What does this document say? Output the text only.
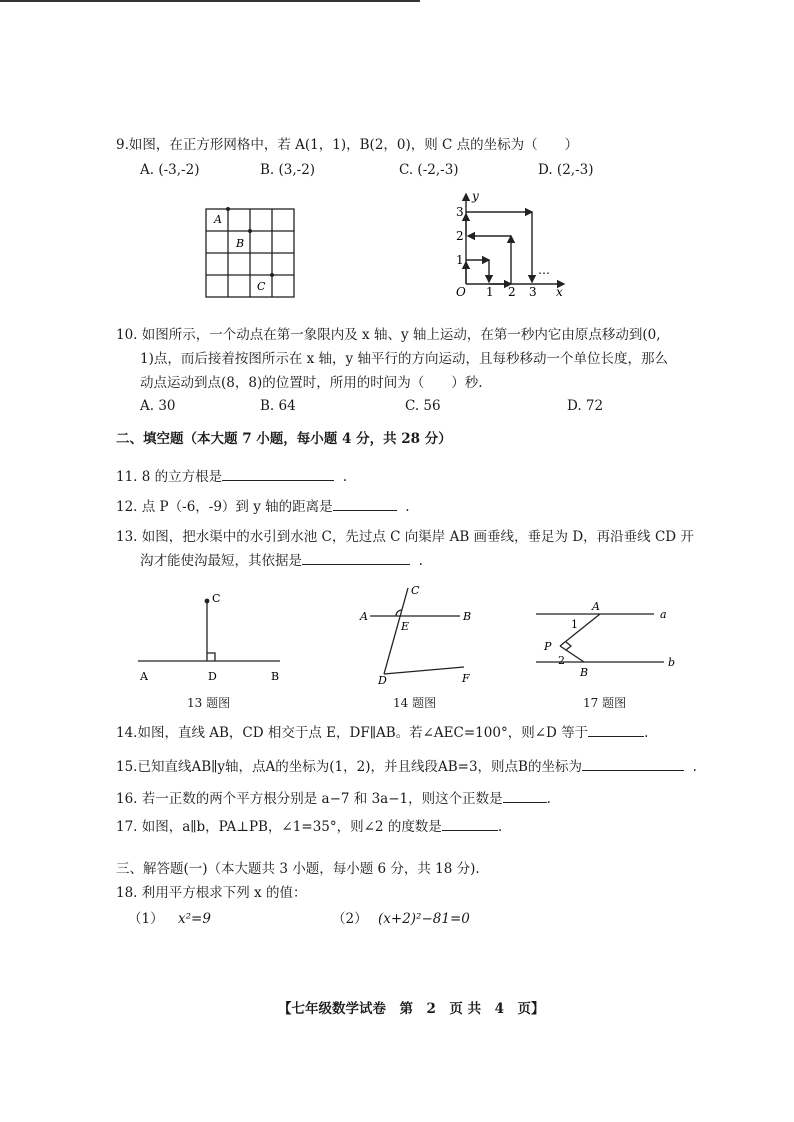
9.如图，在正方形网格中，若 A(1，1)，B(2，0)，则 C 点的坐标为（　　）
A. (-3,-2)	B. (3,-2)	C. (-2,-3)	D. (2,-3)
A
B
C
y
x
O
1
2
3
1 2 3
…
10. 如图所示，一个动点在第一象限内及 x 轴、y 轴上运动，在第一秒内它由原点移动到(0,
1)点，而后接着按图所示在 x 轴，y 轴平行的方向运动，且每秒移动一个单位长度，那么
动点运动到点(8，8)的位置时，所用的时间为（　　）秒.
A. 30	B. 64	C. 56	D. 72
二、填空题（本大题 7 小题，每小题 4 分，共 28 分）
11. 8 的立方根是	.
12. 点 P（-6，-9）到 y 轴的距离是	.
13. 如图，把水渠中的水引到水池 C，先过点 C 向渠岸 AB 画垂线，垂足为 D，再沿垂线 CD 开
沟才能使沟最短，其依据是	.
C
A	D	B
13 题图
C
A
E
B
D	F
14 题图
A
a
1
P
2
B
b
17 题图
14.如图，直线 AB，CD 相交于点 E，DF∥AB。若∠AEC=100°，则∠D 等于	.
15.已知直线AB∥y轴，点A的坐标为(1，2)，并且线段AB=3，则点B的坐标为	.
16. 若一正数的两个平方根分别是 a−7 和 3a−1，则这个正数是	.
17. 如图，a∥b，PA⊥PB，∠1=35°，则∠2 的度数是	.
三、解答题(一)（本大题共 3 小题，每小题 6 分，共 18 分).
18. 利用平方根求下列 x 的值：
（1） x²=9	（2） (x+2)²−81=0
【七年级数学试卷　第　2　页 共　4　页】
